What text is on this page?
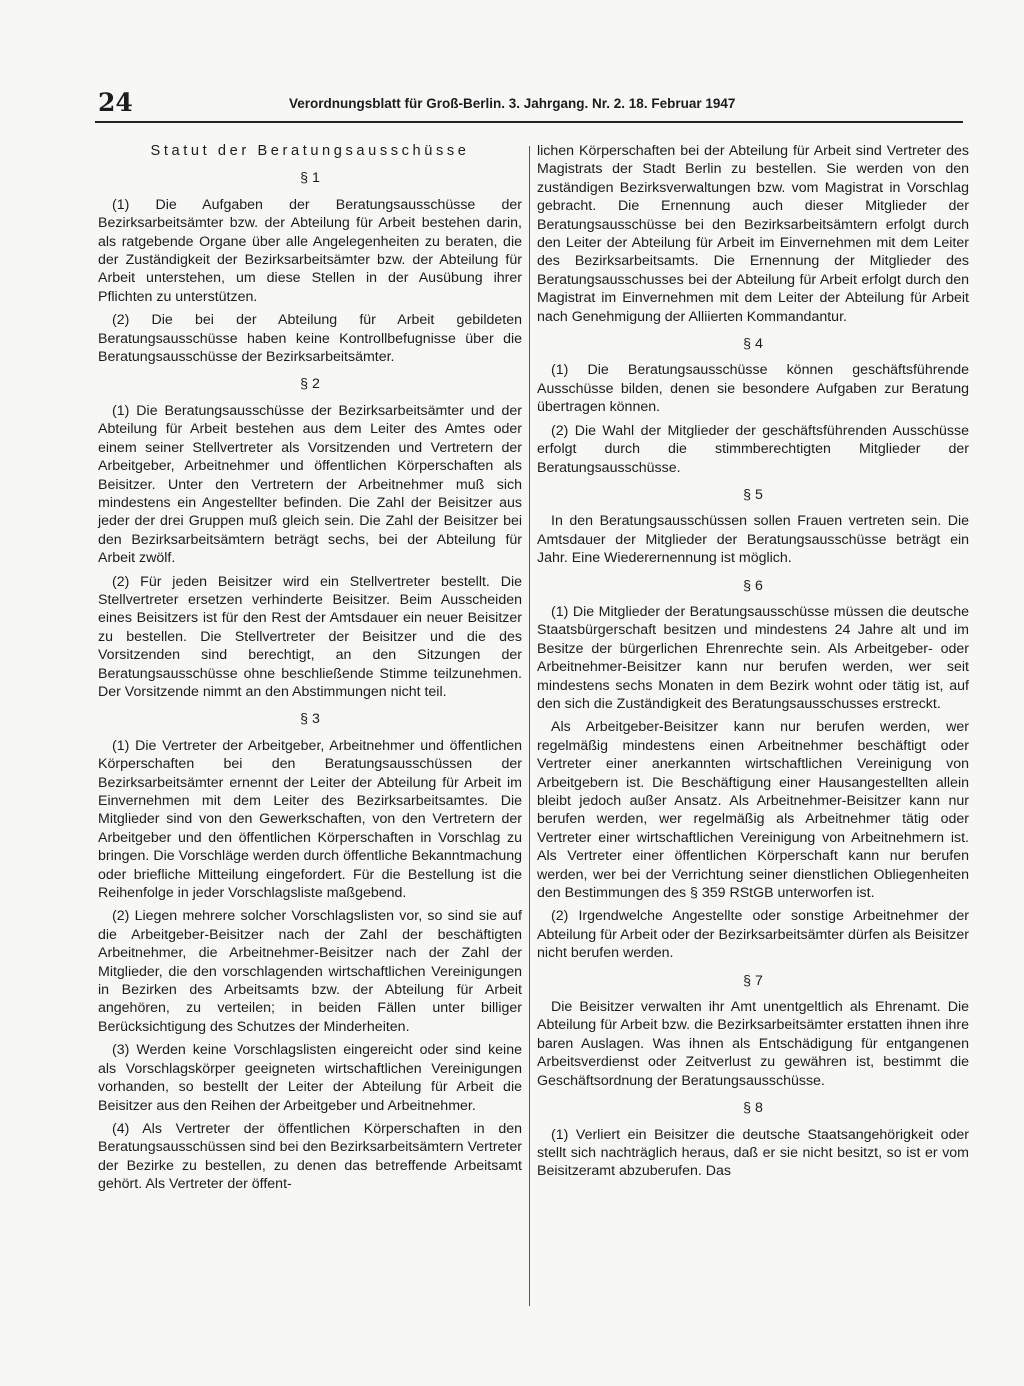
24	Verordnungsblatt für Groß-Berlin. 3. Jahrgang. Nr. 2. 18. Februar 1947
Statut der Beratungsausschüsse
§ 1

(1) Die Aufgaben der Beratungsausschüsse der Bezirksarbeitsämter bzw. der Abteilung für Arbeit bestehen darin, als ratgebende Organe über alle Angelegenheiten zu beraten, die der Zuständigkeit der Bezirksarbeitsämter bzw. der Abteilung für Arbeit unterstehen, um diese Stellen in der Ausübung ihrer Pflichten zu unterstützen.

(2) Die bei der Abteilung für Arbeit gebildeten Beratungsausschüsse haben keine Kontrollbefugnisse über die Beratungsausschüsse der Bezirksarbeitsämter.

§ 2

(1) Die Beratungsausschüsse der Bezirksarbeitsämter und der Abteilung für Arbeit bestehen aus dem Leiter des Amtes oder einem seiner Stellvertreter als Vorsitzenden und Vertretern der Arbeitgeber, Arbeitnehmer und öffentlichen Körperschaften als Beisitzer. Unter den Vertretern der Arbeitnehmer muß sich mindestens ein Angestellter befinden. Die Zahl der Beisitzer aus jeder der drei Gruppen muß gleich sein. Die Zahl der Beisitzer bei den Bezirksarbeitsämtern beträgt sechs, bei der Abteilung für Arbeit zwölf.

(2) Für jeden Beisitzer wird ein Stellvertreter bestellt. Die Stellvertreter ersetzen verhinderte Beisitzer. Beim Ausscheiden eines Beisitzers ist für den Rest der Amtsdauer ein neuer Beisitzer zu bestellen. Die Stellvertreter der Beisitzer und die des Vorsitzenden sind berechtigt, an den Sitzungen der Beratungsausschüsse ohne beschließende Stimme teilzunehmen. Der Vorsitzende nimmt an den Abstimmungen nicht teil.

§ 3

(1) Die Vertreter der Arbeitgeber, Arbeitnehmer und öffentlichen Körperschaften bei den Beratungsausschüssen der Bezirksarbeitsämter ernennt der Leiter der Abteilung für Arbeit im Einvernehmen mit dem Leiter des Bezirksarbeitsamtes. Die Mitglieder sind von den Gewerkschaften, von den Vertretern der Arbeitgeber und den öffentlichen Körperschaften in Vorschlag zu bringen. Die Vorschläge werden durch öffentliche Bekanntmachung oder briefliche Mitteilung eingefordert. Für die Bestellung ist die Reihenfolge in jeder Vorschlagsliste maßgebend.

(2) Liegen mehrere solcher Vorschlagslisten vor, so sind sie auf die Arbeitgeber-Beisitzer nach der Zahl der beschäftigten Arbeitnehmer, die Arbeitnehmer-Beisitzer nach der Zahl der Mitglieder, die den vorschlagenden wirtschaftlichen Vereinigungen in Bezirken des Arbeitsamts bzw. der Abteilung für Arbeit angehören, zu verteilen; in beiden Fällen unter billiger Berücksichtigung des Schutzes der Minderheiten.

(3) Werden keine Vorschlagslisten eingereicht oder sind keine als Vorschlagskörper geeigneten wirtschaftlichen Vereinigungen vorhanden, so bestellt der Leiter der Abteilung für Arbeit die Beisitzer aus den Reihen der Arbeitgeber und Arbeitnehmer.

(4) Als Vertreter der öffentlichen Körperschaften in den Beratungsausschüssen sind bei den Bezirksarbeitsämtern Vertreter der Bezirke zu bestellen, zu denen das betreffende Arbeitsamt gehört. Als Vertreter der öffent-

lichen Körperschaften bei der Abteilung für Arbeit sind Vertreter des Magistrats der Stadt Berlin zu bestellen. Sie werden von den zuständigen Bezirksverwaltungen bzw. vom Magistrat in Vorschlag gebracht. Die Ernennung auch dieser Mitglieder der Beratungsausschüsse bei den Bezirksarbeitsämtern erfolgt durch den Leiter der Abteilung für Arbeit im Einvernehmen mit dem Leiter des Bezirksarbeitsamts. Die Ernennung der Mitglieder des Beratungsausschusses bei der Abteilung für Arbeit erfolgt durch den Magistrat im Einvernehmen mit dem Leiter der Abteilung für Arbeit nach Genehmigung der Alliierten Kommandantur.

§ 4

(1) Die Beratungsausschüsse können geschäftsführende Ausschüsse bilden, denen sie besondere Aufgaben zur Beratung übertragen können.

(2) Die Wahl der Mitglieder der geschäftsführenden Ausschüsse erfolgt durch die stimmberechtigten Mitglieder der Beratungsausschüsse.

§ 5

In den Beratungsausschüssen sollen Frauen vertreten sein. Die Amtsdauer der Mitglieder der Beratungsausschüsse beträgt ein Jahr. Eine Wiederernennung ist möglich.

§ 6

(1) Die Mitglieder der Beratungsausschüsse müssen die deutsche Staatsbürgerschaft besitzen und mindestens 24 Jahre alt und im Besitze der bürgerlichen Ehrenrechte sein. Als Arbeitgeber- oder Arbeitnehmer-Beisitzer kann nur berufen werden, wer seit mindestens sechs Monaten in dem Bezirk wohnt oder tätig ist, auf den sich die Zuständigkeit des Beratungsausschusses erstreckt.

Als Arbeitgeber-Beisitzer kann nur berufen werden, wer regelmäßig mindestens einen Arbeitnehmer beschäftigt oder Vertreter einer anerkannten wirtschaftlichen Vereinigung von Arbeitgebern ist. Die Beschäftigung einer Hausangestellten allein bleibt jedoch außer Ansatz. Als Arbeitnehmer-Beisitzer kann nur berufen werden, wer regelmäßig als Arbeitnehmer tätig oder Vertreter einer wirtschaftlichen Vereinigung von Arbeitnehmern ist. Als Vertreter einer öffentlichen Körperschaft kann nur berufen werden, wer bei der Verrichtung seiner dienstlichen Obliegenheiten den Bestimmungen des § 359 RStGB unterworfen ist.

(2) Irgendwelche Angestellte oder sonstige Arbeitnehmer der Abteilung für Arbeit oder der Bezirksarbeitsämter dürfen als Beisitzer nicht berufen werden.

§ 7

Die Beisitzer verwalten ihr Amt unentgeltlich als Ehrenamt. Die Abteilung für Arbeit bzw. die Bezirksarbeitsämter erstatten ihnen ihre baren Auslagen. Was ihnen als Entschädigung für entgangenen Arbeitsverdienst oder Zeitverlust zu gewähren ist, bestimmt die Geschäftsordnung der Beratungsausschüsse.

§ 8

(1) Verliert ein Beisitzer die deutsche Staatsangehörigkeit oder stellt sich nachträglich heraus, daß er sie nicht besitzt, so ist er vom Beisitzeramt abzuberufen. Das
